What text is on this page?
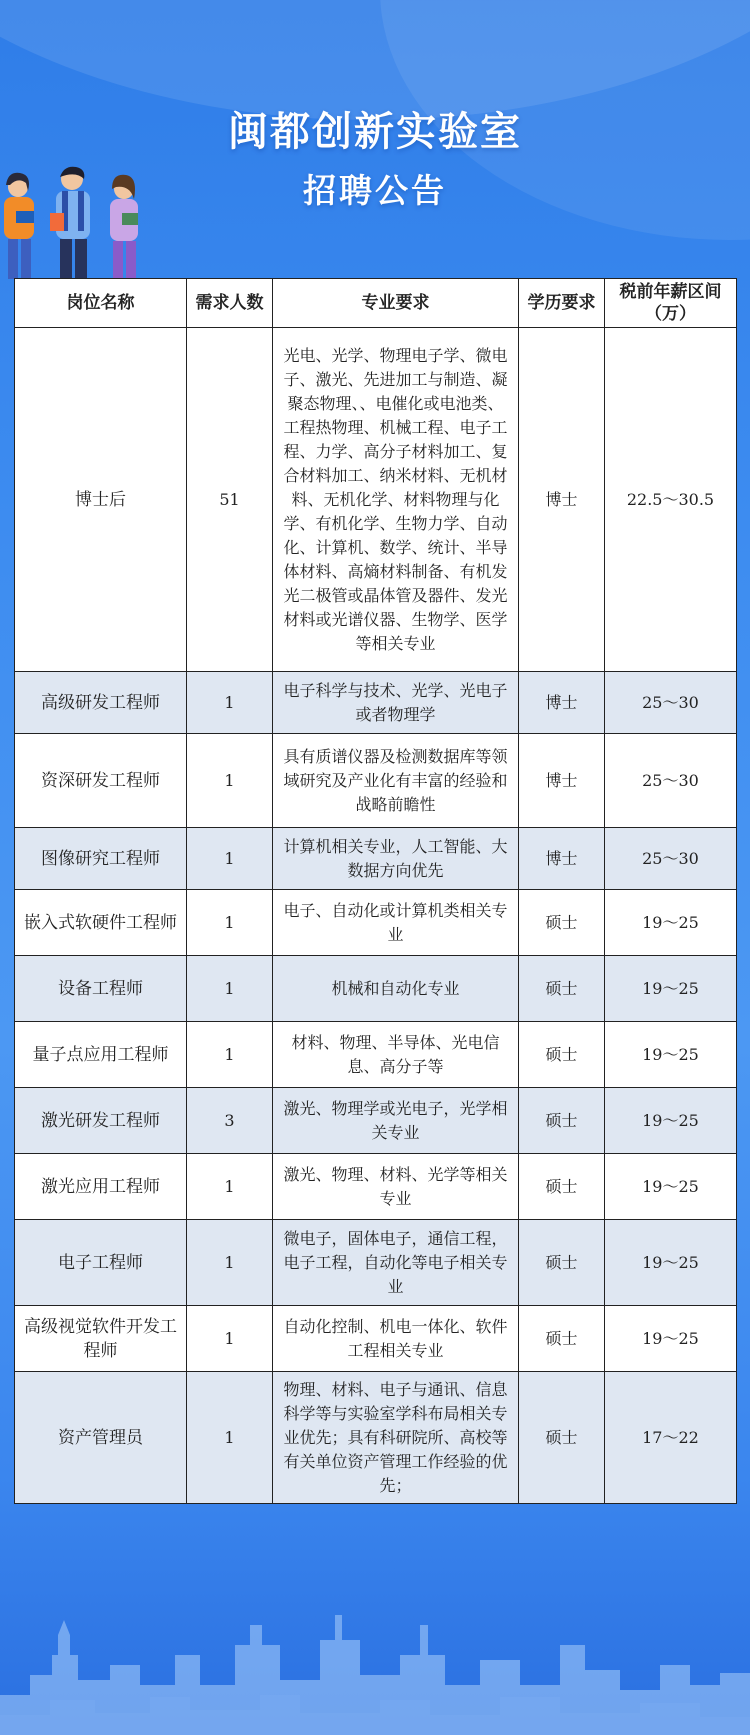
闽都创新实验室
招聘公告
岗位名称	需求人数	专业要求	学历要求	税前年薪区间（万）
博士后	51	光电、光学、物理电子学、微电子、激光、先进加工与制造、凝聚态物理、、电催化或电池类、工程热物理、机械工程、电子工程、力学、高分子材料加工、复合材料加工、纳米材料、无机材料、无机化学、材料物理与化学、有机化学、生物力学、自动化、计算机、数学、统计、半导体材料、高熵材料制备、有机发光二极管或晶体管及器件、发光材料或光谱仪器、生物学、医学等相关专业	博士	22.5～30.5
高级研发工程师	1	电子科学与技术、光学、光电子或者物理学	博士	25～30
资深研发工程师	1	具有质谱仪器及检测数据库等领域研究及产业化有丰富的经验和战略前瞻性	博士	25～30
图像研究工程师	1	计算机相关专业，人工智能、大数据方向优先	博士	25～30
嵌入式软硬件工程师	1	电子、自动化或计算机类相关专业	硕士	19～25
设备工程师	1	机械和自动化专业	硕士	19～25
量子点应用工程师	1	材料、物理、半导体、光电信息、高分子等	硕士	19～25
激光研发工程师	3	激光、物理学或光电子，光学相关专业	硕士	19～25
激光应用工程师	1	激光、物理、材料、光学等相关专业	硕士	19～25
电子工程师	1	微电子，固体电子，通信工程，电子工程，自动化等电子相关专业	硕士	19～25
高级视觉软件开发工程师	1	自动化控制、机电一体化、软件工程相关专业	硕士	19～25
资产管理员	1	物理、材料、电子与通讯、信息科学等与实验室学科布局相关专业优先；具有科研院所、高校等有关单位资产管理工作经验的优先；	硕士	17～22
